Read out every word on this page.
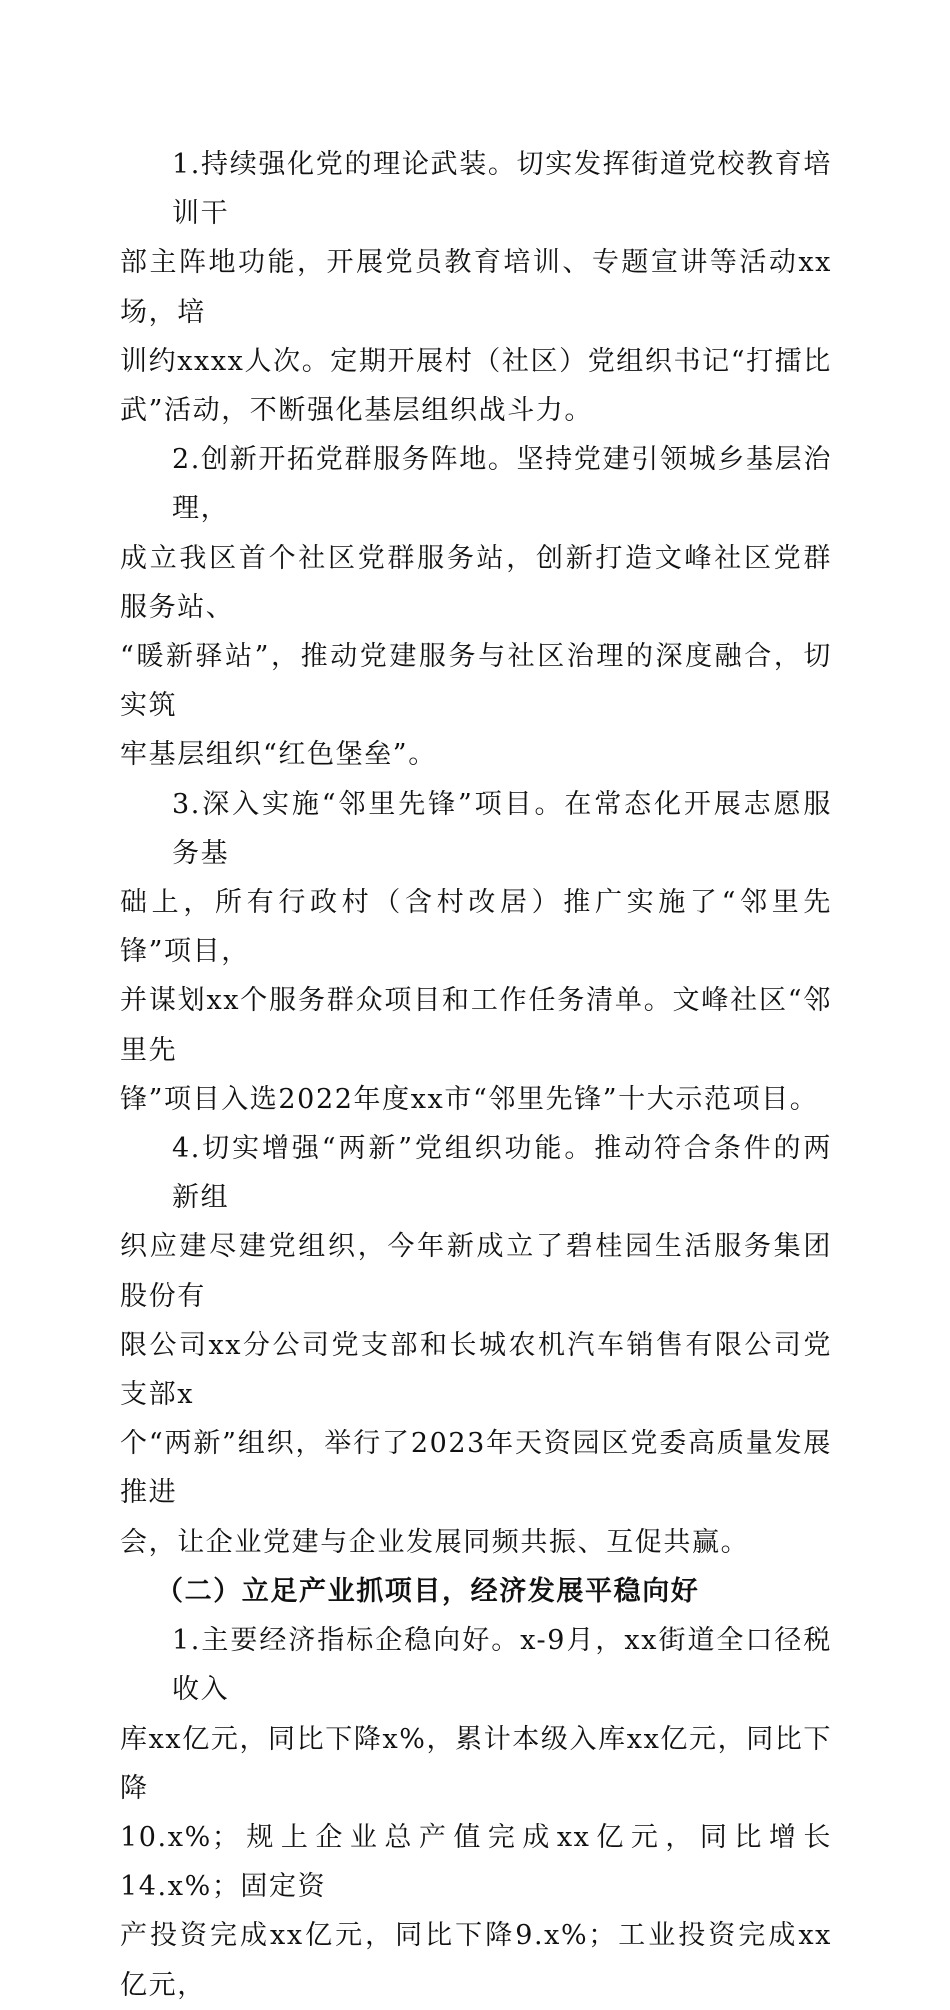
1.持续强化党的理论武装。切实发挥街道党校教育培训干
部主阵地功能，开展党员教育培训、专题宣讲等活动xx场，培
训约xxxx人次。定期开展村（社区）党组织书记“打擂比
武”活动，不断强化基层组织战斗力。
2.创新开拓党群服务阵地。坚持党建引领城乡基层治理，
成立我区首个社区党群服务站，创新打造文峰社区党群服务站、
“暖新驿站”，推动党建服务与社区治理的深度融合，切实筑
牢基层组织“红色堡垒”。
3.深入实施“邻里先锋”项目。在常态化开展志愿服务基
础上，所有行政村（含村改居）推广实施了“邻里先锋”项目，
并谋划xx个服务群众项目和工作任务清单。文峰社区“邻里先
锋”项目入选2022年度xx市“邻里先锋”十大示范项目。
4.切实增强“两新”党组织功能。推动符合条件的两新组
织应建尽建党组织，今年新成立了碧桂园生活服务集团股份有
限公司xx分公司党支部和长城农机汽车销售有限公司党支部x
个“两新”组织，举行了2023年天资园区党委高质量发展推进
会，让企业党建与企业发展同频共振、互促共赢。
（二）立足产业抓项目，经济发展平稳向好
1.主要经济指标企稳向好。x-9月，xx街道全口径税收入
库xx亿元，同比下降x%，累计本级入库xx亿元，同比下降
10.x%；规上企业总产值完成xx亿元，同比增长14.x%；固定资
产投资完成xx亿元，同比下降9.x%；工业投资完成xx亿元，
